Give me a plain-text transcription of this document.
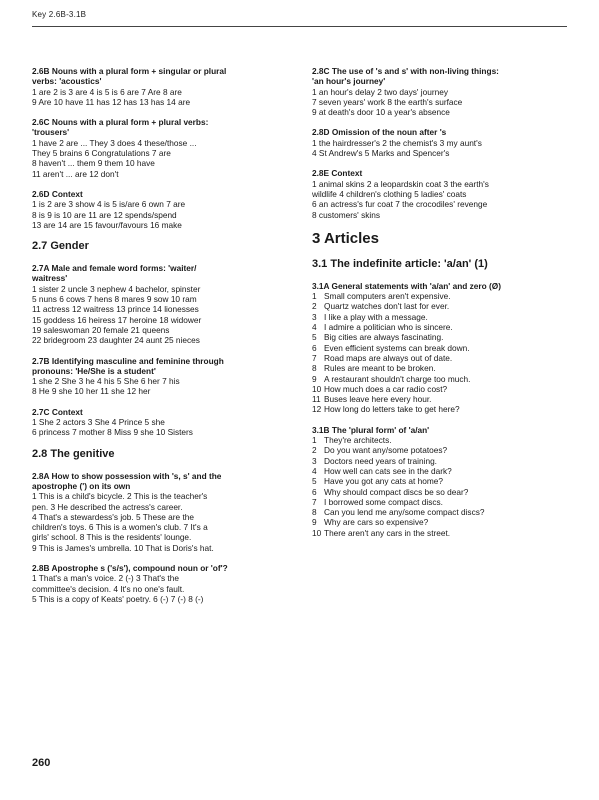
Key 2.6B-3.1B
2.6B Nouns with a plural form + singular or plural
verbs: 'acoustics'
1 are 2 is 3 are 4 is 5 is 6 are 7 Are 8 are
9 Are 10 have 11 has 12 has 13 has 14 are
2.6C Nouns with a plural form + plural verbs:
'trousers'
1 have 2 are ... They 3 does 4 these/those ...
They 5 brains 6 Congratulations 7 are
8 haven't ... them 9 them 10 have
11 aren't ... are 12 don't
2.6D Context
1 is 2 are 3 show 4 is 5 is/are 6 own 7 are
8 is 9 is 10 are 11 are 12 spends/spend
13 are 14 are 15 favour/favours 16 make
2.7 Gender
2.7A Male and female word forms: 'waiter/
waitress'
1 sister 2 uncle 3 nephew 4 bachelor, spinster
5 nuns 6 cows 7 hens 8 mares 9 sow 10 ram
11 actress 12 waitress 13 prince 14 lionesses
15 goddess 16 heiress 17 heroine 18 widower
19 saleswoman 20 female 21 queens
22 bridegroom 23 daughter 24 aunt 25 nieces
2.7B Identifying masculine and feminine through
pronouns: 'He/She is a student'
1 she 2 She 3 he 4 his 5 She 6 her 7 his
8 He 9 she 10 her 11 she 12 her
2.7C Context
1 She 2 actors 3 She 4 Prince 5 she
6 princess 7 mother 8 Miss 9 she 10 Sisters
2.8 The genitive
2.8A How to show possession with 's, s' and the
apostrophe (') on its own
1 This is a child's bicycle. 2 This is the teacher's
pen. 3 He described the actress's career.
4 That's a stewardess's job. 5 These are the
children's toys. 6 This is a women's club. 7 It's a
girls' school. 8 This is the residents' lounge.
9 This is James's umbrella. 10 That is Doris's hat.
2.8B Apostrophe s ('s/s'), compound noun or 'of'?
1 That's a man's voice. 2 (-) 3 That's the
committee's decision. 4 It's no one's fault.
5 This is a copy of Keats' poetry. 6 (-) 7 (-) 8 (-)
2.8C The use of 's and s' with non-living things:
'an hour's journey'
1 an hour's delay 2 two days' journey
7 seven years' work 8 the earth's surface
9 at death's door 10 a year's absence
2.8D Omission of the noun after 's
1 the hairdresser's 2 the chemist's 3 my aunt's
4 St Andrew's 5 Marks and Spencer's
2.8E Context
1 animal skins 2 a leopardskin coat 3 the earth's
wildlife 4 children's clothing 5 ladies' coats
6 an actress's fur coat 7 the crocodiles' revenge
8 customers' skins
3 Articles
3.1 The indefinite article: 'a/an' (1)
3.1A General statements with 'a/an' and zero (Ø)
1 Small computers aren't expensive.
2 Quartz watches don't last for ever.
3 I like a play with a message.
4 I admire a politician who is sincere.
5 Big cities are always fascinating.
6 Even efficient systems can break down.
7 Road maps are always out of date.
8 Rules are meant to be broken.
9 A restaurant shouldn't charge too much.
10 How much does a car radio cost?
11 Buses leave here every hour.
12 How long do letters take to get here?
3.1B The 'plural form' of 'a/an'
1 They're architects.
2 Do you want any/some potatoes?
3 Doctors need years of training.
4 How well can cats see in the dark?
5 Have you got any cats at home?
6 Why should compact discs be so dear?
7 I borrowed some compact discs.
8 Can you lend me any/some compact discs?
9 Why are cars so expensive?
10 There aren't any cars in the street.
260
